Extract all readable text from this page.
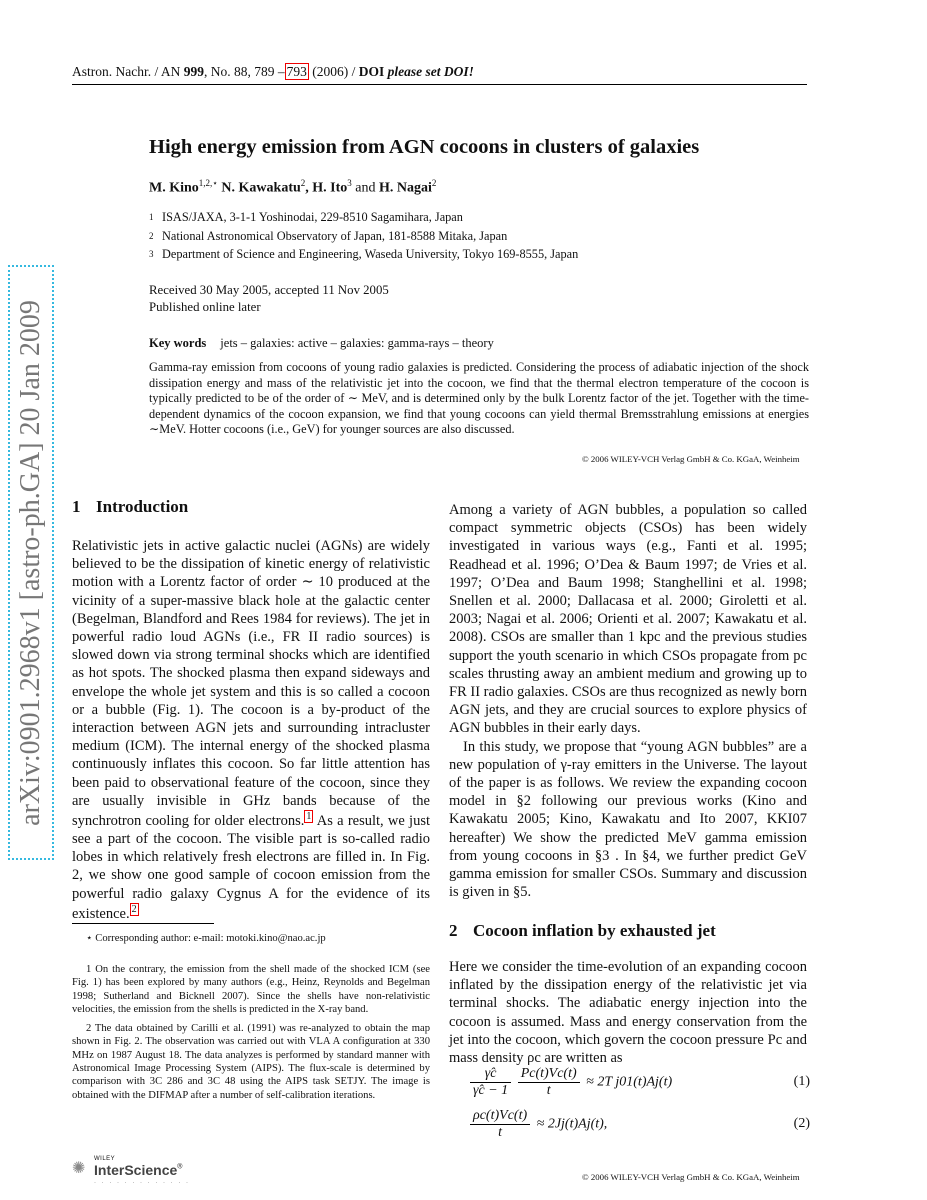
Astron. Nachr. / AN 999, No. 88, 789 – 793 (2006) / DOI please set DOI!
arXiv:0901.2968v1 [astro-ph.GA] 20 Jan 2009
High energy emission from AGN cocoons in clusters of galaxies
M. Kino$^{1,2,⋆}$ N. Kawakatu$^2$, H. Ito$^3$ and H. Nagai$^2$
1 ISAS/JAXA, 3-1-1 Yoshinodai, 229-8510 Sagamihara, Japan
2 National Astronomical Observatory of Japan, 181-8588 Mitaka, Japan
3 Department of Science and Engineering, Waseda University, Tokyo 169-8555, Japan
Received 30 May 2005, accepted 11 Nov 2005
Published online later
Key words jets – galaxies: active – galaxies: gamma-rays – theory
Gamma-ray emission from cocoons of young radio galaxies is predicted. Considering the process of adiabatic injection of the shock dissipation energy and mass of the relativistic jet into the cocoon, we find that the thermal electron temperature of the cocoon is typically predicted to be of the order of ∼ MeV, and is determined only by the bulk Lorentz factor of the jet. Together with the time-dependent dynamics of the cocoon expansion, we find that young cocoons can yield thermal Bremsstrahlung emissions at energies ∼MeV. Hotter cocoons (i.e., GeV) for younger sources are also discussed.
© 2006 WILEY-VCH Verlag GmbH & Co. KGaA, Weinheim
1 Introduction

Relativistic jets in active galactic nuclei (AGNs) are widely believed to be the dissipation of kinetic energy of relativistic motion with a Lorentz factor of order ∼ 10 produced at the vicinity of a super-massive black hole at the galactic center (Begelman, Blandford and Rees 1984 for reviews). The jet in powerful radio loud AGNs (i.e., FR II radio sources) is slowed down via strong terminal shocks which are identified as hot spots. The shocked plasma then expand sideways and envelope the whole jet system and this is so called a cocoon or a bubble (Fig. 1). The cocoon is a by-product of the interaction between AGN jets and surrounding intracluster medium (ICM). The internal energy of the shocked plasma continuously inflates this cocoon. So far little attention has been paid to observational feature of the cocoon, since they are usually invisible in GHz bands because of the synchrotron cooling for older electrons. 1 As a result, we just see a part of the cocoon. The visible part is so-called radio lobes in which relatively fresh electrons are filled in. In Fig. 2, we show one good sample of cocoon emission from the powerful radio galaxy Cygnus A for the evidence of its existence. 2

Among a variety of AGN bubbles, a population so called compact symmetric objects (CSOs) has been widely investigated in various ways (e.g., Fanti et al. 1995; Readhead et al. 1996; O’Dea & Baum 1997; de Vries et al. 1997; O’Dea and Baum 1998; Stanghellini et al. 1998; Snellen et al. 2000; Dallacasa et al. 2000; Giroletti et al. 2003; Nagai et al. 2006; Orienti et al. 2007; Kawakatu et al. 2008). CSOs are smaller than 1 kpc and the previous studies support the youth scenario in which CSOs propagate from pc scales thrusting away an ambient medium and growing up to FR II radio galaxies. CSOs are thus recognized as newly born AGN jets, and they are crucial sources to explore physics of AGN bubbles in their early days.

In this study, we propose that “young AGN bubbles” are a new population of γ-ray emitters in the Universe. The layout of the paper is as follows. We review the expanding cocoon model in §2 following our previous works (Kino and Kawakatu 2005; Kino, Kawakatu and Ito 2007, KKI07 hereafter) We show the predicted MeV gamma emission from young cocoons in §3 . In §4, we further predict GeV gamma emission for smaller CSOs. Summary and discussion is given in §5.

2 Cocoon inflation by exhausted jet

Here we consider the time-evolution of an expanding cocoon inflated by the dissipation energy of the relativistic jet via terminal shocks. The adiabatic energy injection into the cocoon is assumed. Mass and energy conservation from the jet into the cocoon, which govern the cocoon pressure Pc and mass density ρc are written as

$\frac{\gammâc}{\gammâc - 1}$
$\frac{Pc(t)Vc(t)}{t} \approx 2T$ j01(t)Aj(t)	(1)
$\frac{\rho c(t)Vc(t)}{t} \approx 2Jj(t)Aj(t)$,	(2)

⋆ Corresponding author: e-mail: motoki.kino@nao.ac.jp

1 On the contrary, the emission from the shell made of the shocked ICM (see Fig. 1) has been explored by many authors (e.g., Heinz, Reynolds and Begelman 1998; Sutherland and Bicknell 2007). Since the shells have non-relativistic velocities, the emission from the shells is predicted in the X-ray band.

2 The data obtained by Carilli et al. (1991) was re-analyzed to obtain the map shown in Fig. 2. The observation was carried out with VLA A configuration at 330 MHz on 1987 August 18. The data analyzes is performed by standard manner with Astronomical Image Processing System (AIPS). The flux-scale is determined by comparison with 3C 286 and 3C 48 using the AIPS task SETJY. The image is obtained with the DIFMAP after a number of self-calibration iterations.

✺
WILEY
InterScience®
· · · · · · · · · · · · ·
© 2006 WILEY-VCH Verlag GmbH & Co. KGaA, Weinheim
